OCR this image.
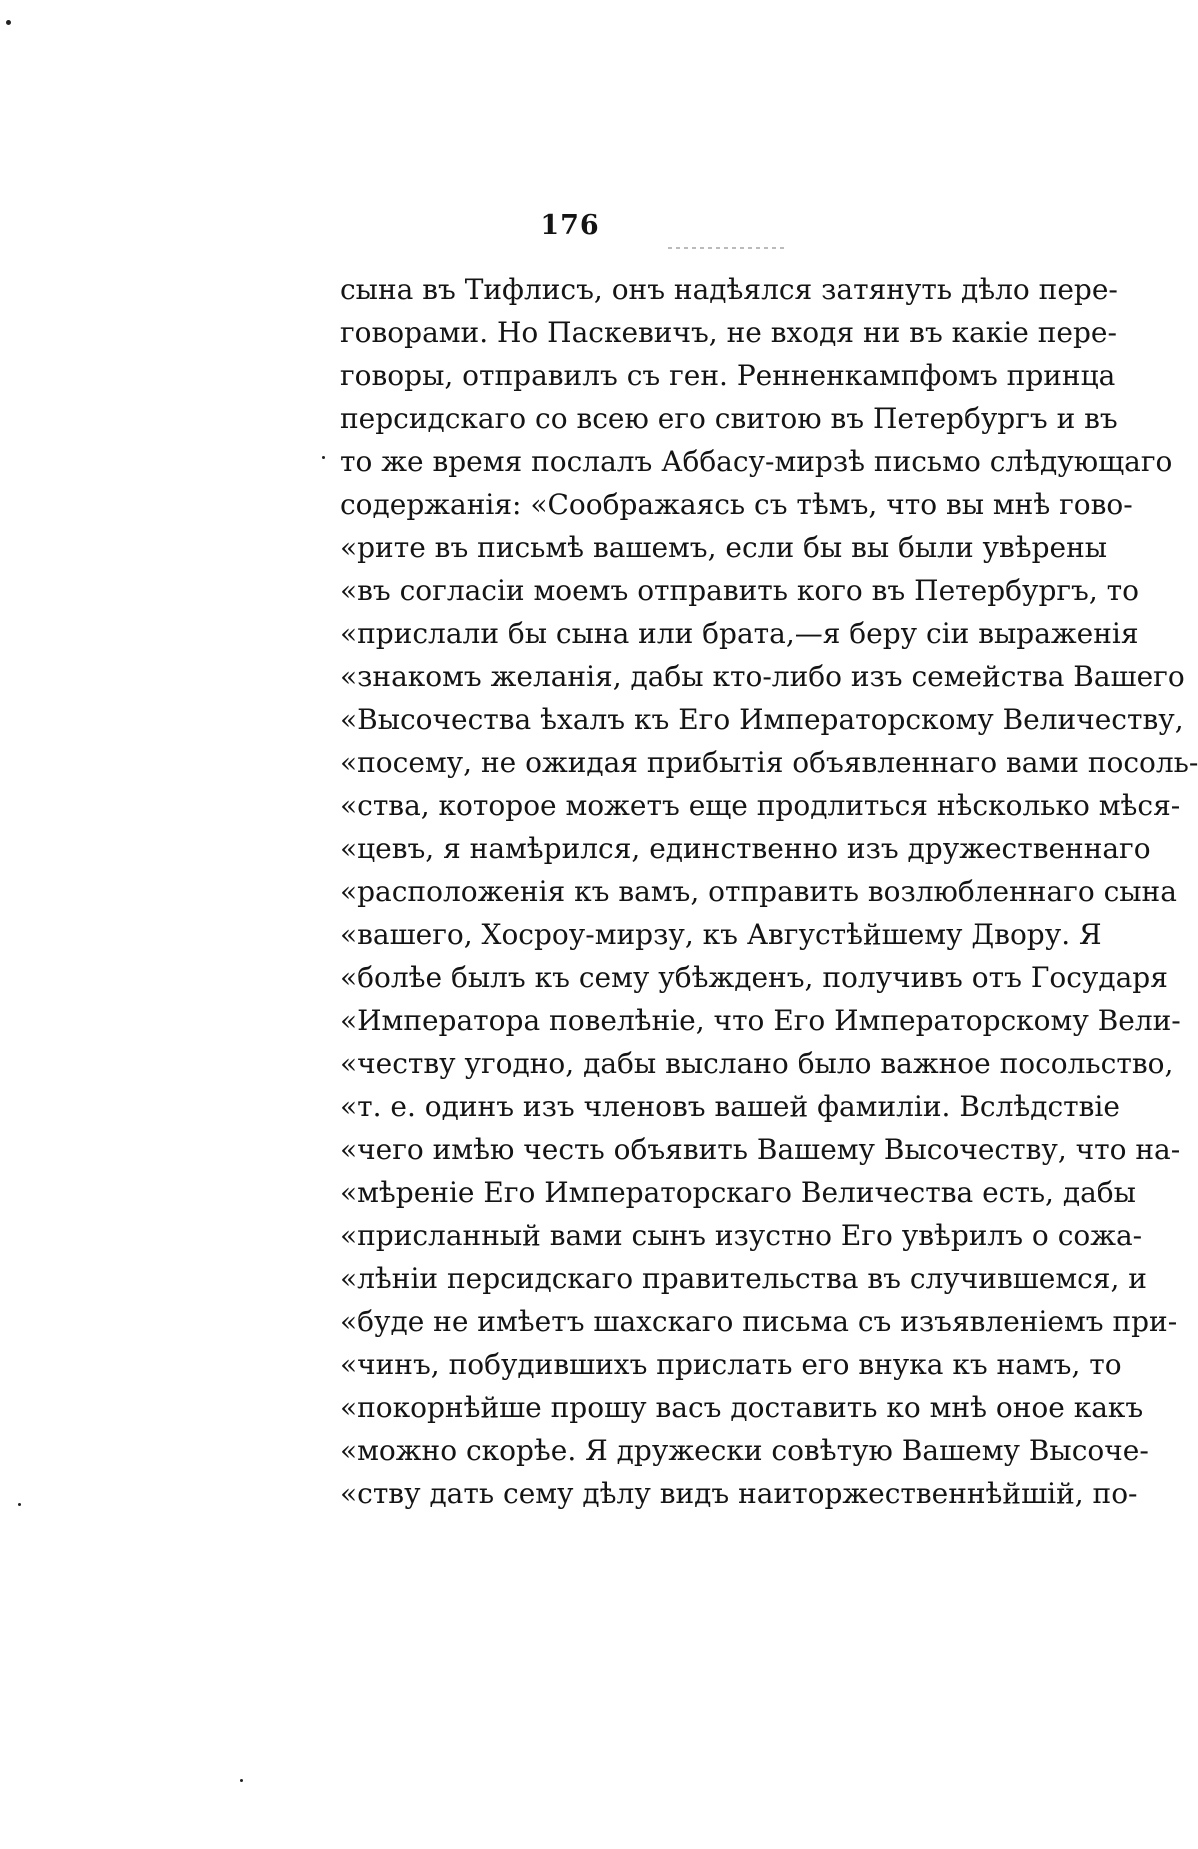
176
сына въ Тифлисъ, онъ надѣялся затянуть дѣло пере-
говорами. Но Паскевичъ, не входя ни въ какіе пере-
говоры, отправилъ съ ген. Ренненкампфомъ принца
персидскаго со всею его свитою въ Петербургъ и въ
то же время послалъ Аббасу-мирзѣ письмо слѣдующаго
содержанія: «Соображаясь съ тѣмъ, что вы мнѣ гово-
«рите въ письмѣ вашемъ, если бы вы были увѣрены
«въ согласіи моемъ отправить кого въ Петербургъ, то
«прислали бы сына или брата,—я беру сіи выраженія
«знакомъ желанія, дабы кто-либо изъ семейства Вашего
«Высочества ѣхалъ къ Его Императорскому Величеству,
«посему, не ожидая прибытія объявленнаго вами посоль-
«ства, которое можетъ еще продлиться нѣсколько мѣся-
«цевъ, я намѣрился, единственно изъ дружественнаго
«расположенія къ вамъ, отправить возлюбленнаго сына
«вашего, Хосроу-мирзу, къ Августѣйшему Двору. Я
«болѣе былъ къ сему убѣжденъ, получивъ отъ Государя
«Императора повелѣніе, что Его Императорскому Вели-
«честву угодно, дабы выслано было важное посольство,
«т. е. одинъ изъ членовъ вашей фамиліи. Вслѣдствіе
«чего имѣю честь объявить Вашему Высочеству, что на-
«мѣреніе Его Императорскаго Величества есть, дабы
«присланный вами сынъ изустно Его увѣрилъ о сожа-
«лѣніи персидскаго правительства въ случившемся, и
«буде не имѣетъ шахскаго письма съ изъявленіемъ при-
«чинъ, побудившихъ прислать его внука къ намъ, то
«покорнѣйше прошу васъ доставить ко мнѣ оное какъ
«можно скорѣе. Я дружески совѣтую Вашему Высоче-
«ству дать сему дѣлу видъ наиторжественнѣйшій, по-
